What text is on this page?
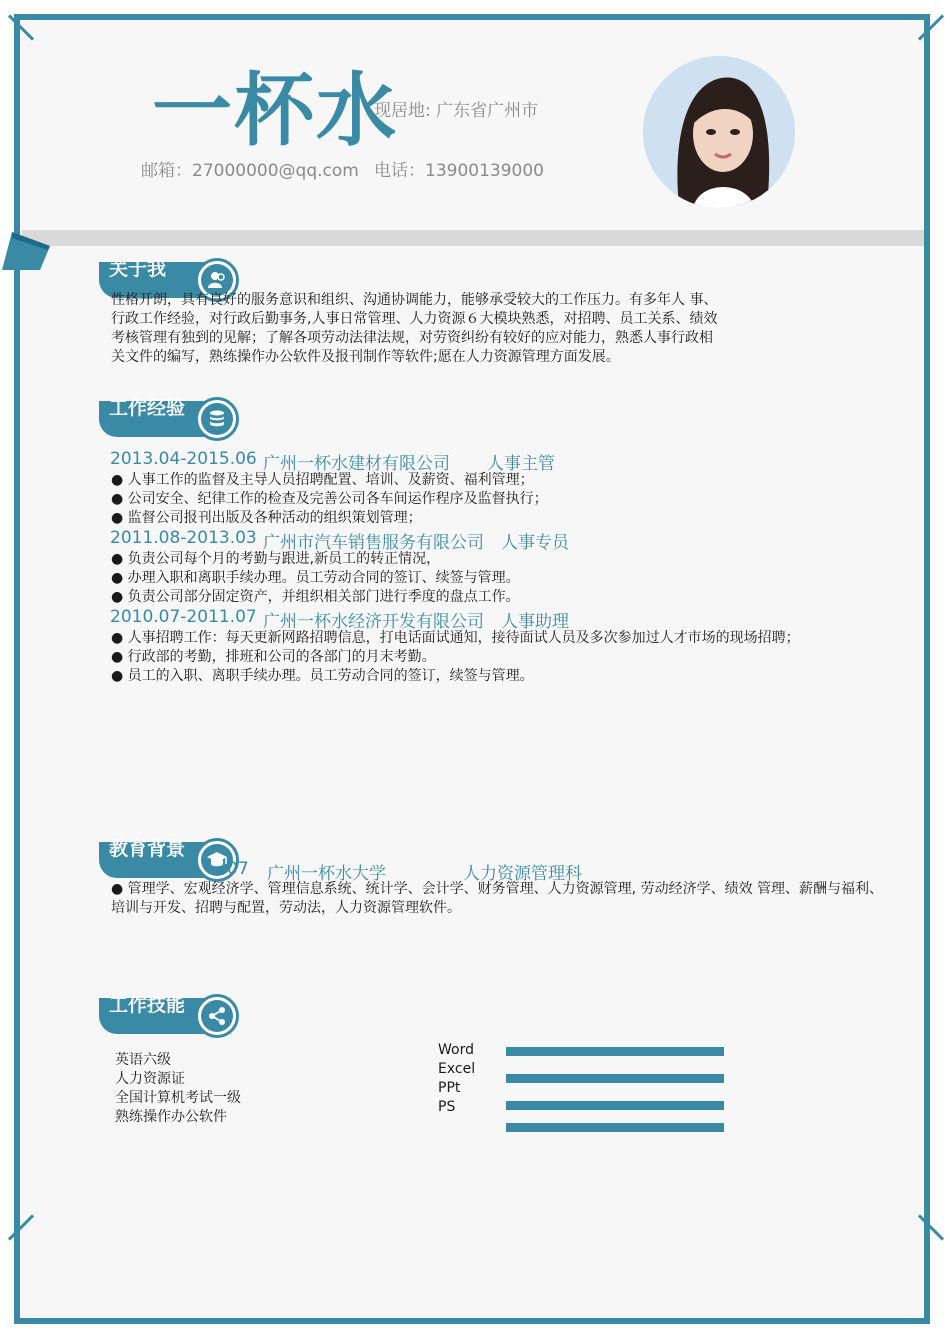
一杯水
现居地: 广东省广州市
邮箱：27000000@qq.com 电话：13900139000
关于我
性格开朗，具有良好的服务意识和组织、沟通协调能力，能够承受较大的工作压力。有多年人 事、
行政工作经验，对行政后勤事务,人事日常管理、人力资源６大模块熟悉，对招聘、员工关系、绩效
考核管理有独到的见解；了解各项劳动法律法规，对劳资纠纷有较好的应对能力，熟悉人事行政相
关文件的编写，熟练操作办公软件及报刊制作等软件;愿在人力资源管理方面发展。
工作经验
2013.04-2015.06 广州一杯水建材有限公司 人事主管
● 人事工作的监督及主导人员招聘配置、培训、及薪资、福利管理；
● 公司安全、纪律工作的检查及完善公司各车间运作程序及监督执行；
● 监督公司报刊出版及各种活动的组织策划管理；
2011.08-2013.03 广州市汽车销售服务有限公司 人事专员
● 负责公司每个月的考勤与跟进,新员工的转正情况，
● 办理入职和离职手续办理。员工劳动合同的签订、续签与管理。
● 负责公司部分固定资产，并组织相关部门进行季度的盘点工作。
2010.07-2011.07 广州一杯水经济开发有限公司 人事助理
● 人事招聘工作：每天更新网路招聘信息，打电话面试通知，接待面试人员及多次参加过人才市场的现场招聘；
● 行政部的考勤，排班和公司的各部门的月末考勤。
● 员工的入职、离职手续办理。员工劳动合同的签订，续签与管理。
教育背景
07 广州一杯水大学	人力资源管理科
● 管理学、宏观经济学、管理信息系统、统计学、会计学、财务管理、人力资源管理, 劳动经济学、绩效 管理、薪酬与福利、
培训与开发、招聘与配置，劳动法，人力资源管理软件。
工作技能
英语六级
人力资源证
全国计算机考试一级
熟练操作办公软件
Word
Excel
PPt
PS
